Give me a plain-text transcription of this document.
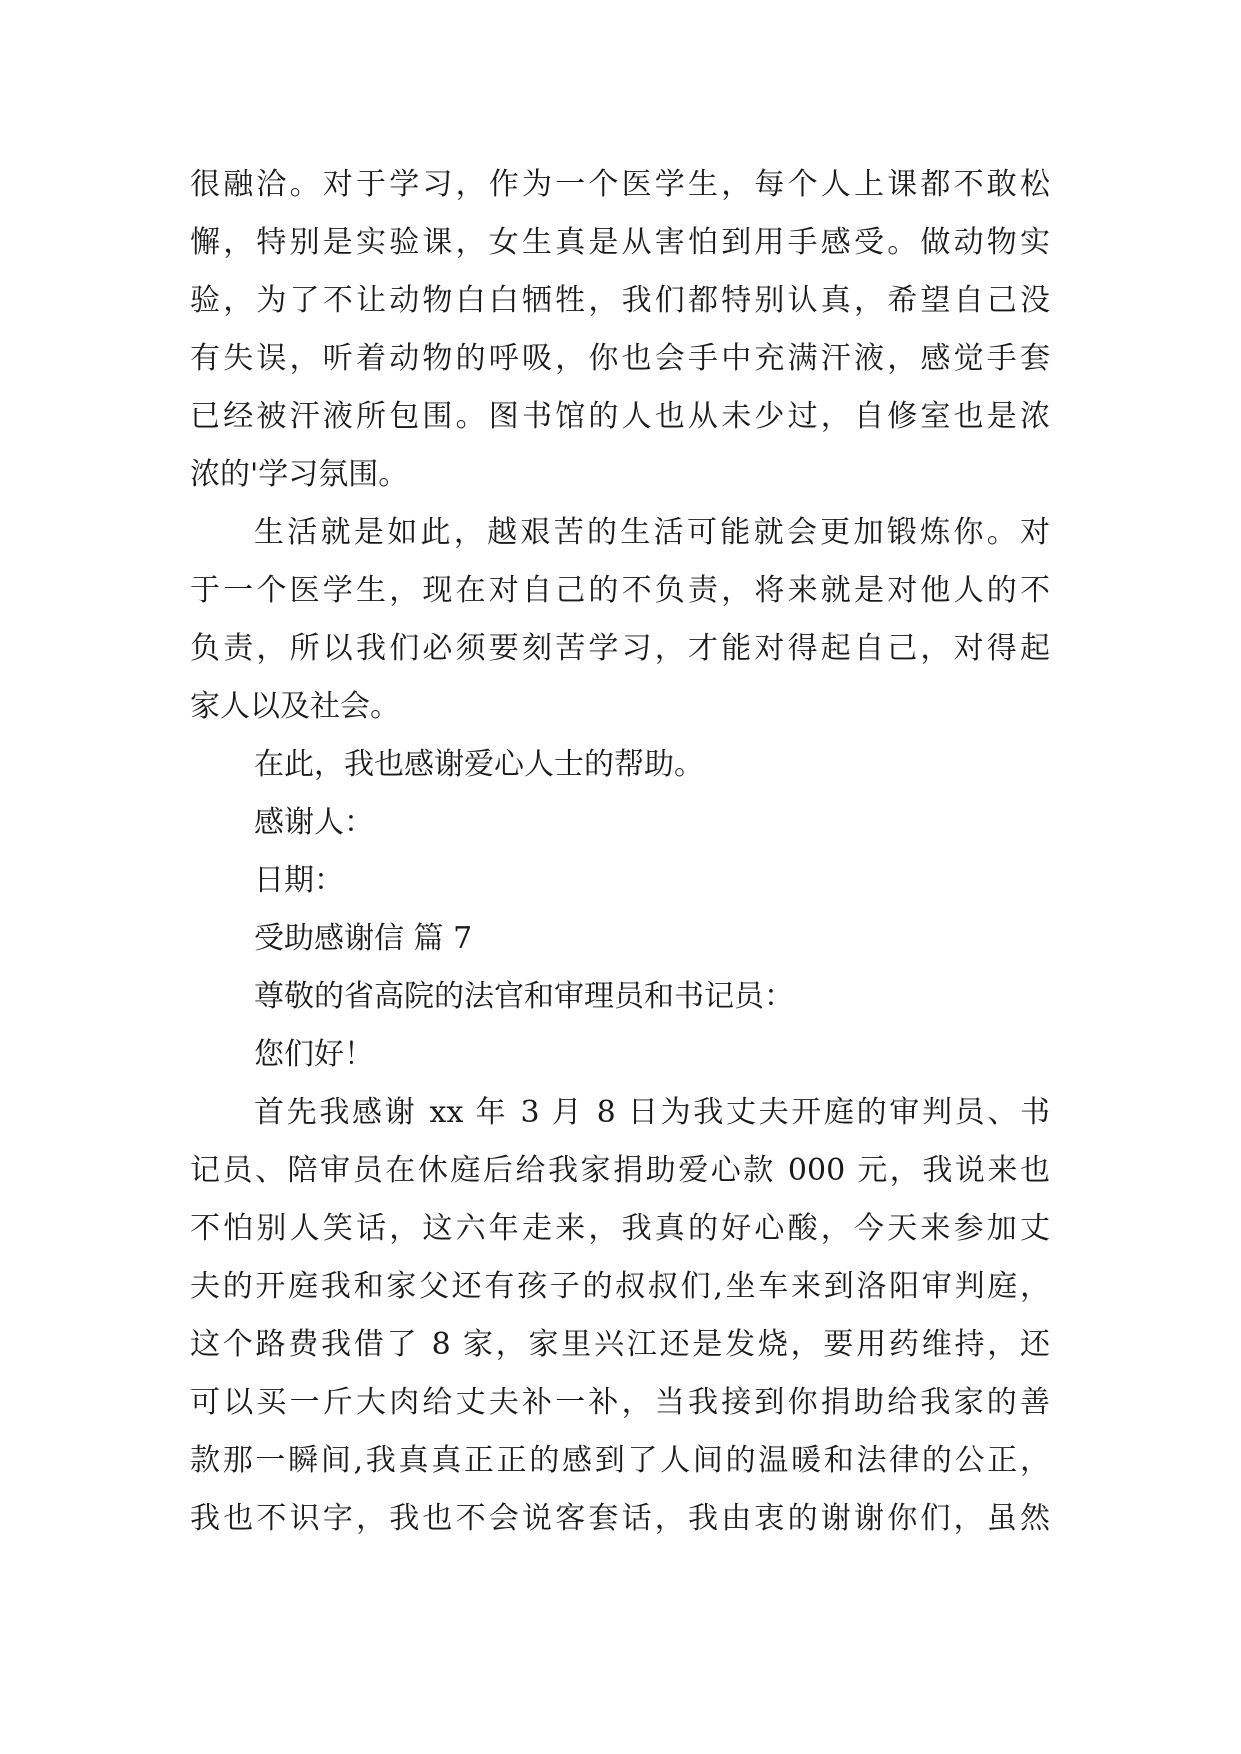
很融洽。对于学习，作为一个医学生，每个人上课都不敢松
懈，特别是实验课，女生真是从害怕到用手感受。做动物实
验，为了不让动物白白牺牲，我们都特别认真，希望自己没
有失误，听着动物的呼吸，你也会手中充满汗液，感觉手套
已经被汗液所包围。图书馆的人也从未少过，自修室也是浓
浓的'学习氛围。
生活就是如此，越艰苦的生活可能就会更加锻炼你。对
于一个医学生，现在对自己的不负责，将来就是对他人的不
负责，所以我们必须要刻苦学习，才能对得起自己，对得起
家人以及社会。
在此，我也感谢爱心人士的帮助。
感谢人：
日期：
受助感谢信 篇 7
尊敬的省高院的法官和审理员和书记员：
您们好！
首先我感谢 xx 年 3 月 8 日为我丈夫开庭的审判员、书
记员、陪审员在休庭后给我家捐助爱心款 000 元，我说来也
不怕别人笑话，这六年走来，我真的好心酸，今天来参加丈
夫的开庭我和家父还有孩子的叔叔们,坐车来到洛阳审判庭，
这个路费我借了 8 家，家里兴江还是发烧，要用药维持，还
可以买一斤大肉给丈夫补一补，当我接到你捐助给我家的善
款那一瞬间,我真真正正的感到了人间的温暖和法律的公正，
我也不识字，我也不会说客套话，我由衷的谢谢你们，虽然
